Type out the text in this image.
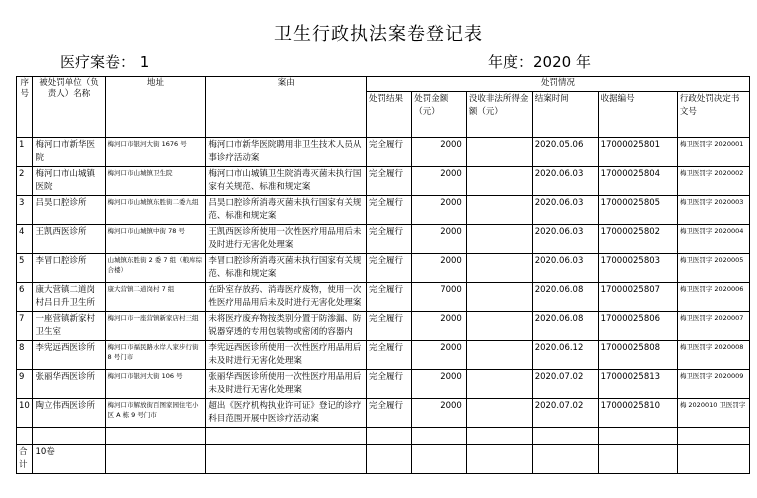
卫生行政执法案卷登记表
医疗案卷： 1	年度：2020 年
序号	被处罚单位（负责人）名称	地址	案由	处罚情况					
				处罚结果	处罚金额（元）	没收非法所得金额（元）	结案时间	收据编号	行政处罚决定书文号
1	梅河口市新华医院	梅河口市银河大街 1676 号	梅河口市新华医院聘用非卫生技术人员从事诊疗活动案	完全履行	2000		2020.05.06	17000025801	梅卫医罚字 2020001
2	梅河口市山城镇医院	梅河口市山城镇卫生院	梅河口市山城镇卫生院消毒灭菌未执行国家有关规范、标准和规定案	完全履行	2000		2020.06.03	17000025804	梅卫医罚字 2020002
3	吕昊口腔诊所	梅河口市山城镇东胜街二委九组	吕昊口腔诊所消毒灭菌未执行国家有关规范、标准和规定案	完全履行	2000		2020.06.03	17000025805	梅卫医罚字 2020003
4	王凯西医诊所	梅河口市山城镇中街 78 号	王凯西医诊所使用一次性医疗用品用后未及时进行无害化处理案	完全履行	2000		2020.06.03	17000025802	梅卫医罚字 2020004
5	李冒口腔诊所	山城镇东胜街 2 委 7 组（粮库综合楼）	李冒口腔诊所消毒灭菌未执行国家有关规范、标准和规定案	完全履行	2000		2020.06.03	17000025803	梅卫医罚字 2020005
6	康大营镇二道岗村吕日升卫生所	康大营镇二道岗村 7 组	在卧室存放药、消毒医疗废物，使用一次性医疗用品用后未及时进行无害化处理案	完全履行	7000		2020.06.08	17000025807	梅卫医罚字 2020006
7	一座营镇新家村卫生室	梅河口市一座营镇新家店村三组	未将医疗废弃物按类别分置于防渗漏、防锐器穿透的专用包装物或密闭的容器内	完全履行	2000		2020.06.08	17000025806	梅卫医罚字 2020007
8	李宪远西医诊所	梅河口市福民路水岸人家步行街 8 号门市	李宪远西医诊所使用一次性医疗用品用后未及时进行无害化处理案	完全履行	2000		2020.06.12	17000025808	梅卫医罚字 2020008
9	张丽华西医诊所	梅河口市银河大街 106 号	张丽华西医诊所使用一次性医疗用品用后未及时进行无害化处理案	完全履行	2000		2020.07.02	17000025813	梅卫医罚字 2020009
10	陶立伟西医诊所	梅河口市解放街百图家园住宅小区 A 栋 9 号门市	超出《医疗机构执业许可证》登记的诊疗科目范围开展中医诊疗活动案	完全履行	2000		2020.07.02	17000025810	梅 2020010 卫医罚字

合计	10卷								
